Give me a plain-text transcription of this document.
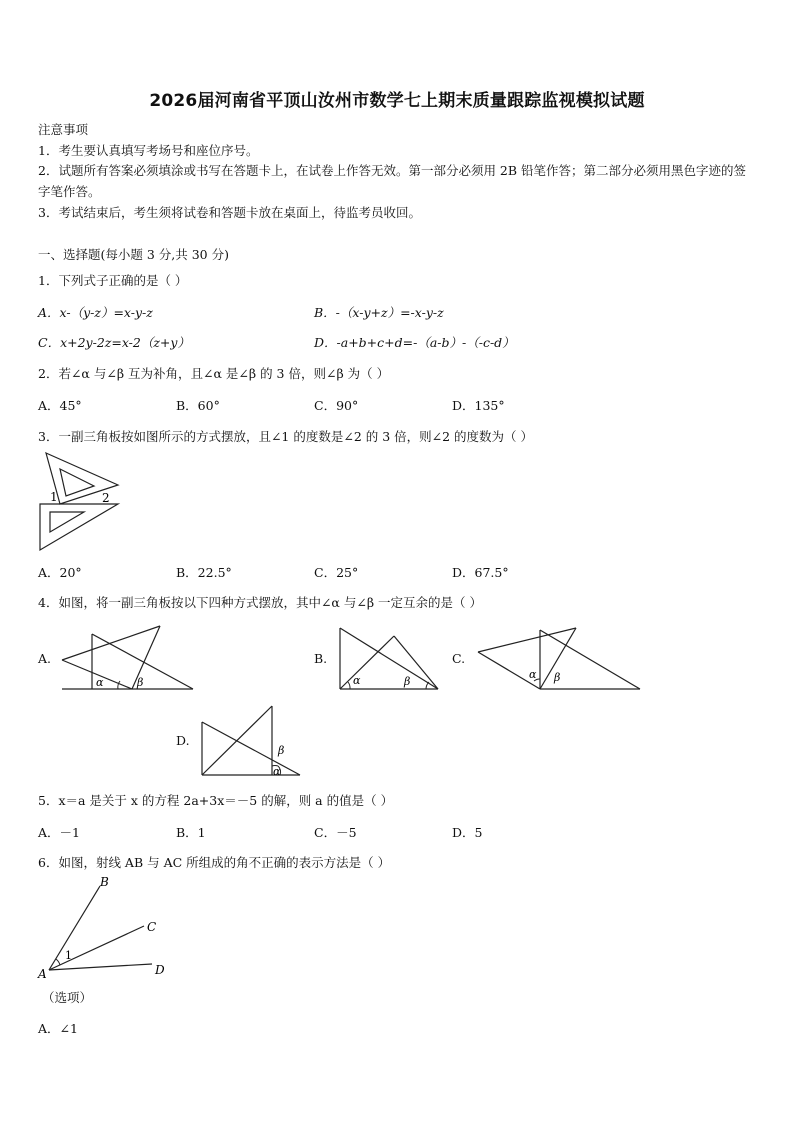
2026届河南省平顶山汝州市数学七上期末质量跟踪监视模拟试题
注意事项
1．考生要认真填写考场号和座位序号。
2．试题所有答案必须填涂或书写在答题卡上，在试卷上作答无效。第一部分必须用 2B 铅笔作答；第二部分必须用黑色字迹的签字笔作答。
3．考试结束后，考生须将试卷和答题卡放在桌面上，待监考员收回。
一、选择题(每小题 3 分,共 30 分)
1．下列式子正确的是（ ）
A．x-（y-z）=x-y-z	B．-（x-y+z）=-x-y-z
C．x+2y-2z=x-2（z+y）	D．-a+b+c+d=-（a-b）-（-c-d）
2．若∠α 与∠β 互为补角，且∠α 是∠β 的 3 倍，则∠β 为（ ）
A．45°	B．60°	C．90°	D．135°
3．一副三角板按如图所示的方式摆放，且∠1 的度数是∠2 的 3 倍，则∠2 的度数为（ ）
1	2
A．20°	B．22.5°	C．25°	D．67.5°
4．如图，将一副三角板按以下四种方式摆放，其中∠α 与∠β 一定互余的是（ ）
A.
α	β
B.
α	β
C.
α β
D.
β
α
5．x＝a 是关于 x 的方程 2a+3x＝－5 的解，则 a 的值是（ ）
A．－1	B．1	C．－5	D．5
6．如图，射线 AB 与 AC 所组成的角不正确的表示方法是（ ）
B
C
D
A
1
（选项）
A．∠1
